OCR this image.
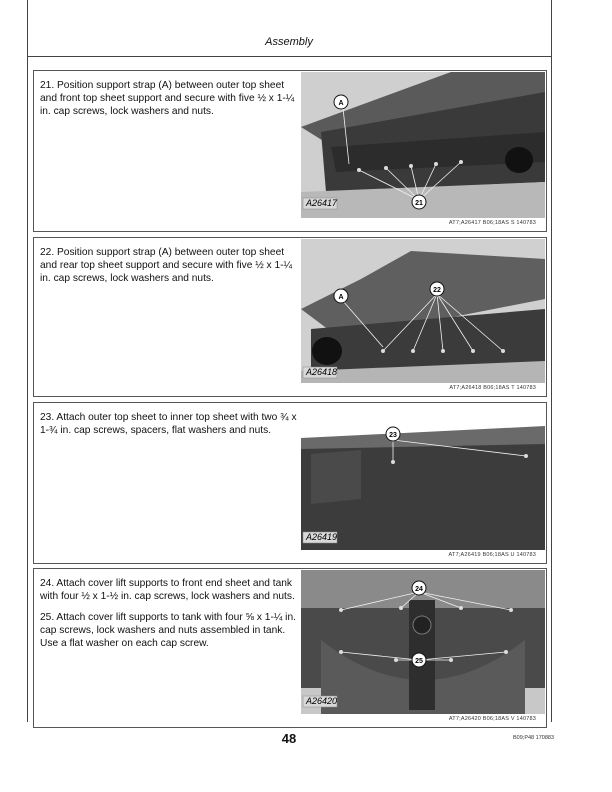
Assembly

21. Position support strap (A) between outer top sheet and front top sheet support and secure with five ½ x 1-¼ in. cap screws, lock washers and nuts.

A
21
A26417
AT7;A26417 B06;18AS S 140783

22. Position support strap (A) between outer top sheet and rear top sheet support and secure with five ½ x 1-¼ in. cap screws, lock washers and nuts.

A
22
A26418
AT7;A26418 B06;18AS T 140783

23. Attach outer top sheet to inner top sheet with two ¾ x 1-¾ in. cap screws, spacers, flat washers and nuts.	23
A26419
AT7;A26419 B06;18AS U 140783

24. Attach cover lift supports to front end sheet and tank with four ½ x 1-½ in. cap screws, lock washers and nuts.

25. Attach cover lift supports to tank with four ⅝ x 1-¼ in. cap screws, lock washers and nuts assembled in tank. Use a flat washer on each cap screw.

24
25
A26420
AT7;A26420 B06;18AS V 140783
48	B09;P48 170883
